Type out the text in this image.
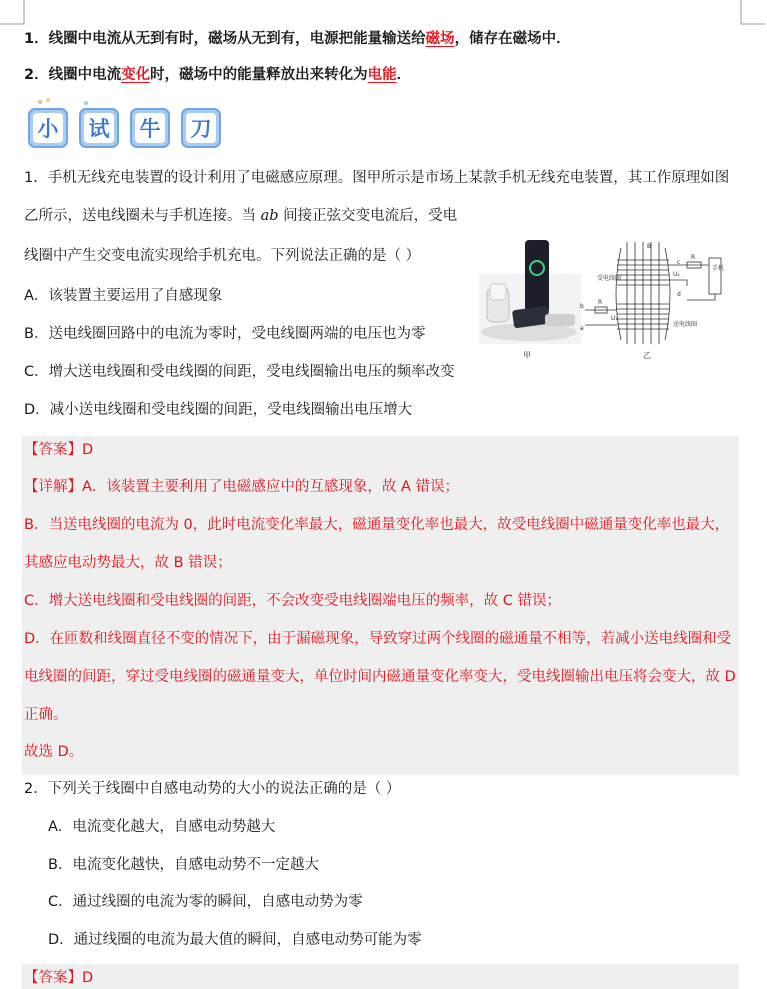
1．线圈中电流从无到有时，磁场从无到有，电源把能量输送给磁场，储存在磁场中．
2．线圈中电流变化时，磁场中的能量释放出来转化为电能．
小 试 牛 刀
1．手机无线充电装置的设计利用了电磁感应原理。图甲所示是市场上某款手机无线充电装置，其工作原理如图
乙所示，送电线圈未与手机连接。当 ab 间接正弦交变电流后，受电
线圈中产生交变电流实现给手机充电。下列说法正确的是（ ）
A．该装置主要运用了自感现象
B．送电线圈回路中的电流为零时，受电线圈两端的电压也为零
C．增大送电线圈和受电线圈的间距，受电线圈输出电压的频率改变
D．减小送电线圈和受电线圈的间距，受电线圈输出电压增大
甲
受电线圈
送电线圈
手机
R
R
U₂
U₁
b
a
c
d
B
乙
【答案】D
【详解】A．该装置主要利用了电磁感应中的互感现象，故 A 错误；
B．当送电线圈的电流为 0，此时电流变化率最大，磁通量变化率也最大，故受电线圈中磁通量变化率也最大，
其感应电动势最大，故 B 错误；
C．增大送电线圈和受电线圈的间距，不会改变受电线圈端电压的频率，故 C 错误；
D．在匝数和线圈直径不变的情况下，由于漏磁现象，导致穿过两个线圈的磁通量不相等，若减小送电线圈和受
电线圈的间距，穿过受电线圈的磁通量变大，单位时间内磁通量变化率变大，受电线圈输出电压将会变大，故 D
正确。
故选 D。
2．下列关于线圈中自感电动势的大小的说法正确的是（ ）
A．电流变化越大，自感电动势越大
B．电流变化越快，自感电动势不一定越大
C．通过线圈的电流为零的瞬间，自感电动势为零
D．通过线圈的电流为最大值的瞬间，自感电动势可能为零
【答案】D
